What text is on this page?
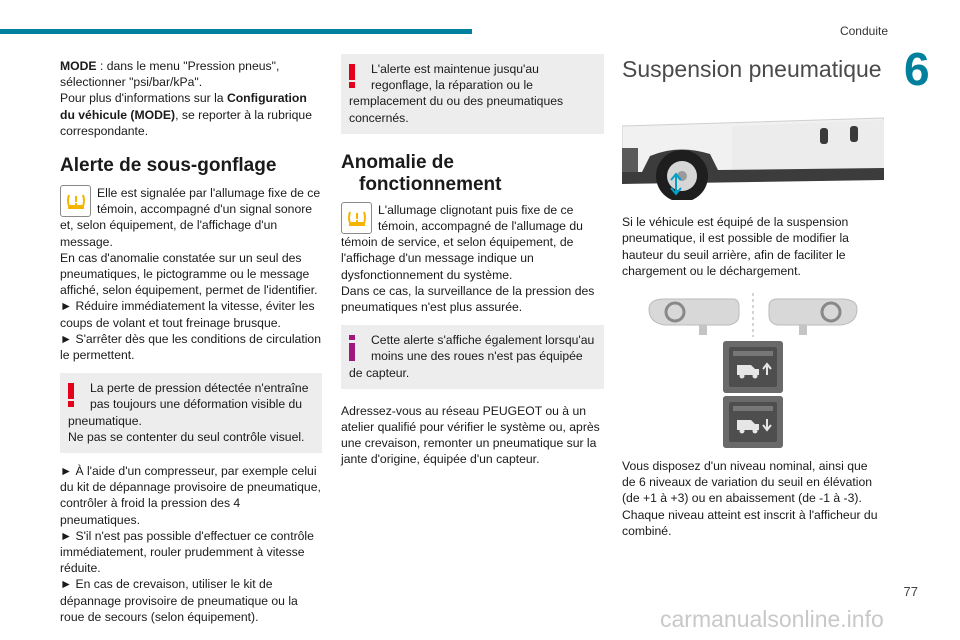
Conduite
6

MODE : dans le menu "Pression pneus", sélectionner "psi/bar/kPa".

Pour plus d'informations sur la Configuration du véhicule (MODE), se reporter à la rubrique correspondante.

Alerte de sous-gonflage

Elle est signalée par l'allumage fixe de ce

témoin, accompagné d'un signal sonore

et, selon équipement, de l'affichage d'un message.

En cas d'anomalie constatée sur un seul des pneumatiques, le pictogramme ou le message affiché, selon équipement, permet de l'identifier.

► Réduire immédiatement la vitesse, éviter les coups de volant et tout freinage brusque.

► S'arrêter dès que les conditions de circulation le permettent.

La perte de pression détectée n'entraîne

pas toujours une déformation visible du

pneumatique.

Ne pas se contenter du seul contrôle visuel.

► À l'aide d'un compresseur, par exemple celui du kit de dépannage provisoire de pneumatique, contrôler à froid la pression des 4 pneumatiques.

► S'il n'est pas possible d'effectuer ce contrôle immédiatement, rouler prudemment à vitesse réduite.

► En cas de crevaison, utiliser le kit de dépannage provisoire de pneumatique ou la roue de secours (selon équipement).

L'alerte est maintenue jusqu'au

regonflage, la réparation ou le

remplacement du ou des pneumatiques concernés.

Anomalie de
fonctionnement

L'allumage clignotant puis fixe de ce

témoin, accompagné de l'allumage du

témoin de service, et selon équipement, de l'affichage d'un message indique un dysfonctionnement du système.

Dans ce cas, la surveillance de la pression des pneumatiques n'est plus assurée.

Cette alerte s'affiche également lorsqu'au

moins une des roues n'est pas équipée

de capteur.

Adressez-vous au réseau PEUGEOT ou à un atelier qualifié pour vérifier le système ou, après une crevaison, remonter un pneumatique sur la jante d'origine, équipée d'un capteur.

Suspension pneumatique

Si le véhicule est équipé de la suspension pneumatique, il est possible de modifier la hauteur du seuil arrière, afin de faciliter le chargement ou le déchargement.

Vous disposez d'un niveau nominal, ainsi que de 6 niveaux de variation du seuil en élévation (de +1 à +3) ou en abaissement (de -1 à -3). Chaque niveau atteint est inscrit à l'afficheur du combiné.

77
carmanualsonline.info
